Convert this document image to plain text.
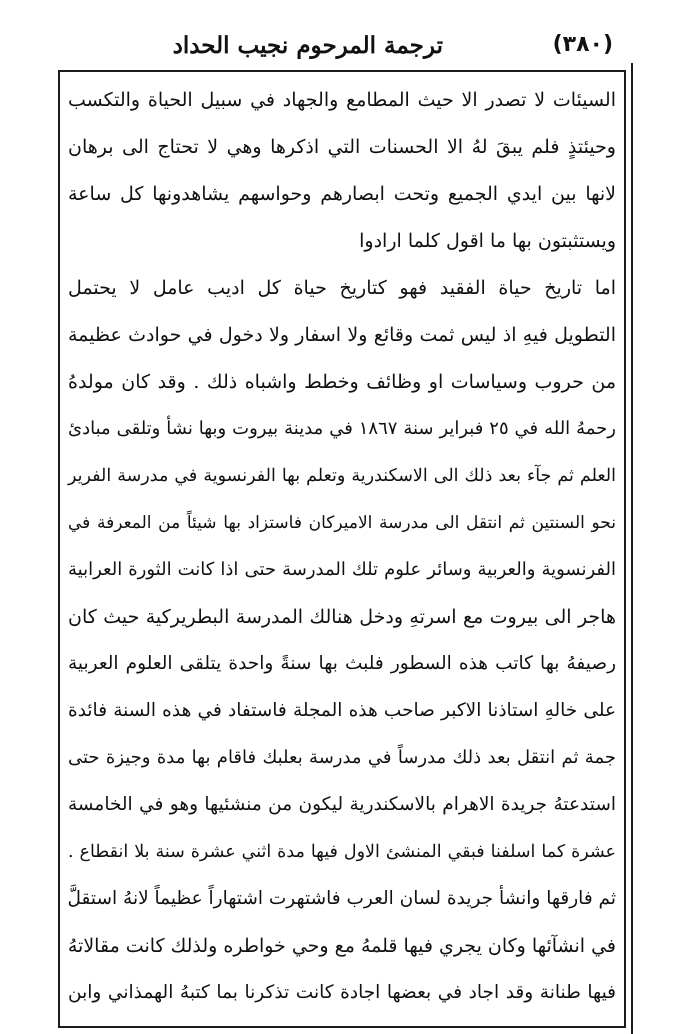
(٣٨٠)
ترجمة المرحوم نجيب الحداد
السيئات لا تصدر الا حيث المطامع والجهاد في سبيل الحياة والتكسب
وحيئتذٍ فلم يبقَ لهُ الا الحسنات التي اذكرها وهي لا تحتاج الى برهان
لانها بين ايدي الجميع وتحت ابصارهم وحواسهم يشاهدونها كل ساعة
ويستثبتون بها ما اقول كلما ارادوا
اما تاريخ حياة الفقيد فهو كتاريخ حياة كل اديب عامل لا يحتمل
التطويل فيهِ اذ ليس ثمت وقائع ولا اسفار ولا دخول في حوادث عظيمة
من حروب وسياسات او وظائف وخطط واشباه ذلك . وقد كان مولدهُ
رحمهُ الله في ٢٥ فبراير سنة ١٨٦٧ في مدينة بيروت وبها نشأ وتلقى مبادئ
العلم ثم جآء بعد ذلك الى الاسكندرية وتعلم بها الفرنسوية في مدرسة الفرير
نحو السنتين ثم انتقل الى مدرسة الاميركان فاستزاد بها شيئاً من المعرفة في
الفرنسوية والعربية وسائر علوم تلك المدرسة حتى اذا كانت الثورة العرابية
هاجر الى بيروت مع اسرتهِ ودخل هنالك المدرسة البطريركية حيث كان
رصيفهُ بها كاتب هذه السطور فلبث بها سنةً واحدة يتلقى العلوم العربية
على خالهِ استاذنا الاكبر صاحب هذه المجلة فاستفاد في هذه السنة فائدة
جمة ثم انتقل بعد ذلك مدرساً في مدرسة بعلبك فاقام بها مدة وجيزة حتى
استدعتهُ جريدة الاهرام بالاسكندرية ليكون من منشئيها وهو في الخامسة
عشرة كما اسلفنا فبقي المنشئ الاول فيها مدة اثني عشرة سنة بلا انقطاع .
ثم فارقها وانشأ جريدة لسان العرب فاشتهرت اشتهاراً عظيماً لانهُ استقلَّ
في انشآئها وكان يجري فيها قلمهُ مع وحي خواطره ولذلك كانت مقالاتهُ
فيها طنانة وقد اجاد في بعضها اجادة كانت تذكرنا بما كتبهُ الهمذاني وابن
